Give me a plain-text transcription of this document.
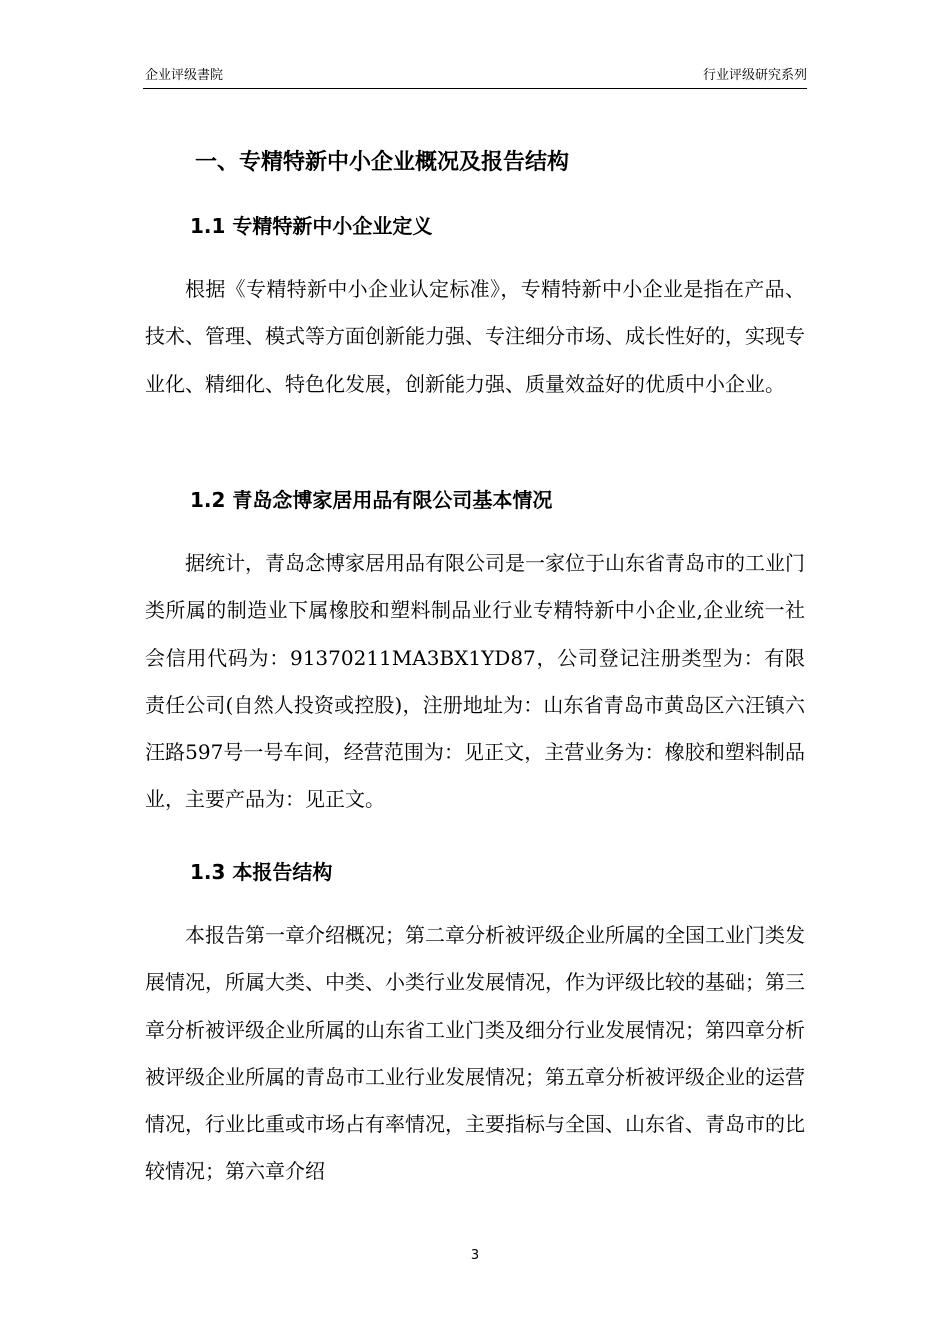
企业评级書院	行业评级研究系列
一、专精特新中小企业概况及报告结构
1.1 专精特新中小企业定义
根据《专精特新中小企业认定标准》，专精特新中小企业是指在产品、技术、管理、模式等方面创新能力强、专注细分市场、成长性好的，实现专业化、精细化、特色化发展，创新能力强、质量效益好的优质中小企业。
1.2 青岛念博家居用品有限公司基本情况
据统计，青岛念博家居用品有限公司是一家位于山东省青岛市的工业门类所属的制造业下属橡胶和塑料制品业行业专精特新中小企业,企业统一社会信用代码为：91370211MA3BX1YD87，公司登记注册类型为：有限责任公司(自然人投资或控股)，注册地址为：山东省青岛市黄岛区六汪镇六汪路597号一号车间，经营范围为：见正文，主营业务为：橡胶和塑料制品业，主要产品为：见正文。
1.3 本报告结构
本报告第一章介绍概况；第二章分析被评级企业所属的全国工业门类发展情况，所属大类、中类、小类行业发展情况，作为评级比较的基础；第三章分析被评级企业所属的山东省工业门类及细分行业发展情况；第四章分析被评级企业所属的青岛市工业行业发展情况；第五章分析被评级企业的运营情况，行业比重或市场占有率情况，主要指标与全国、山东省、青岛市的比较情况；第六章介绍
3
